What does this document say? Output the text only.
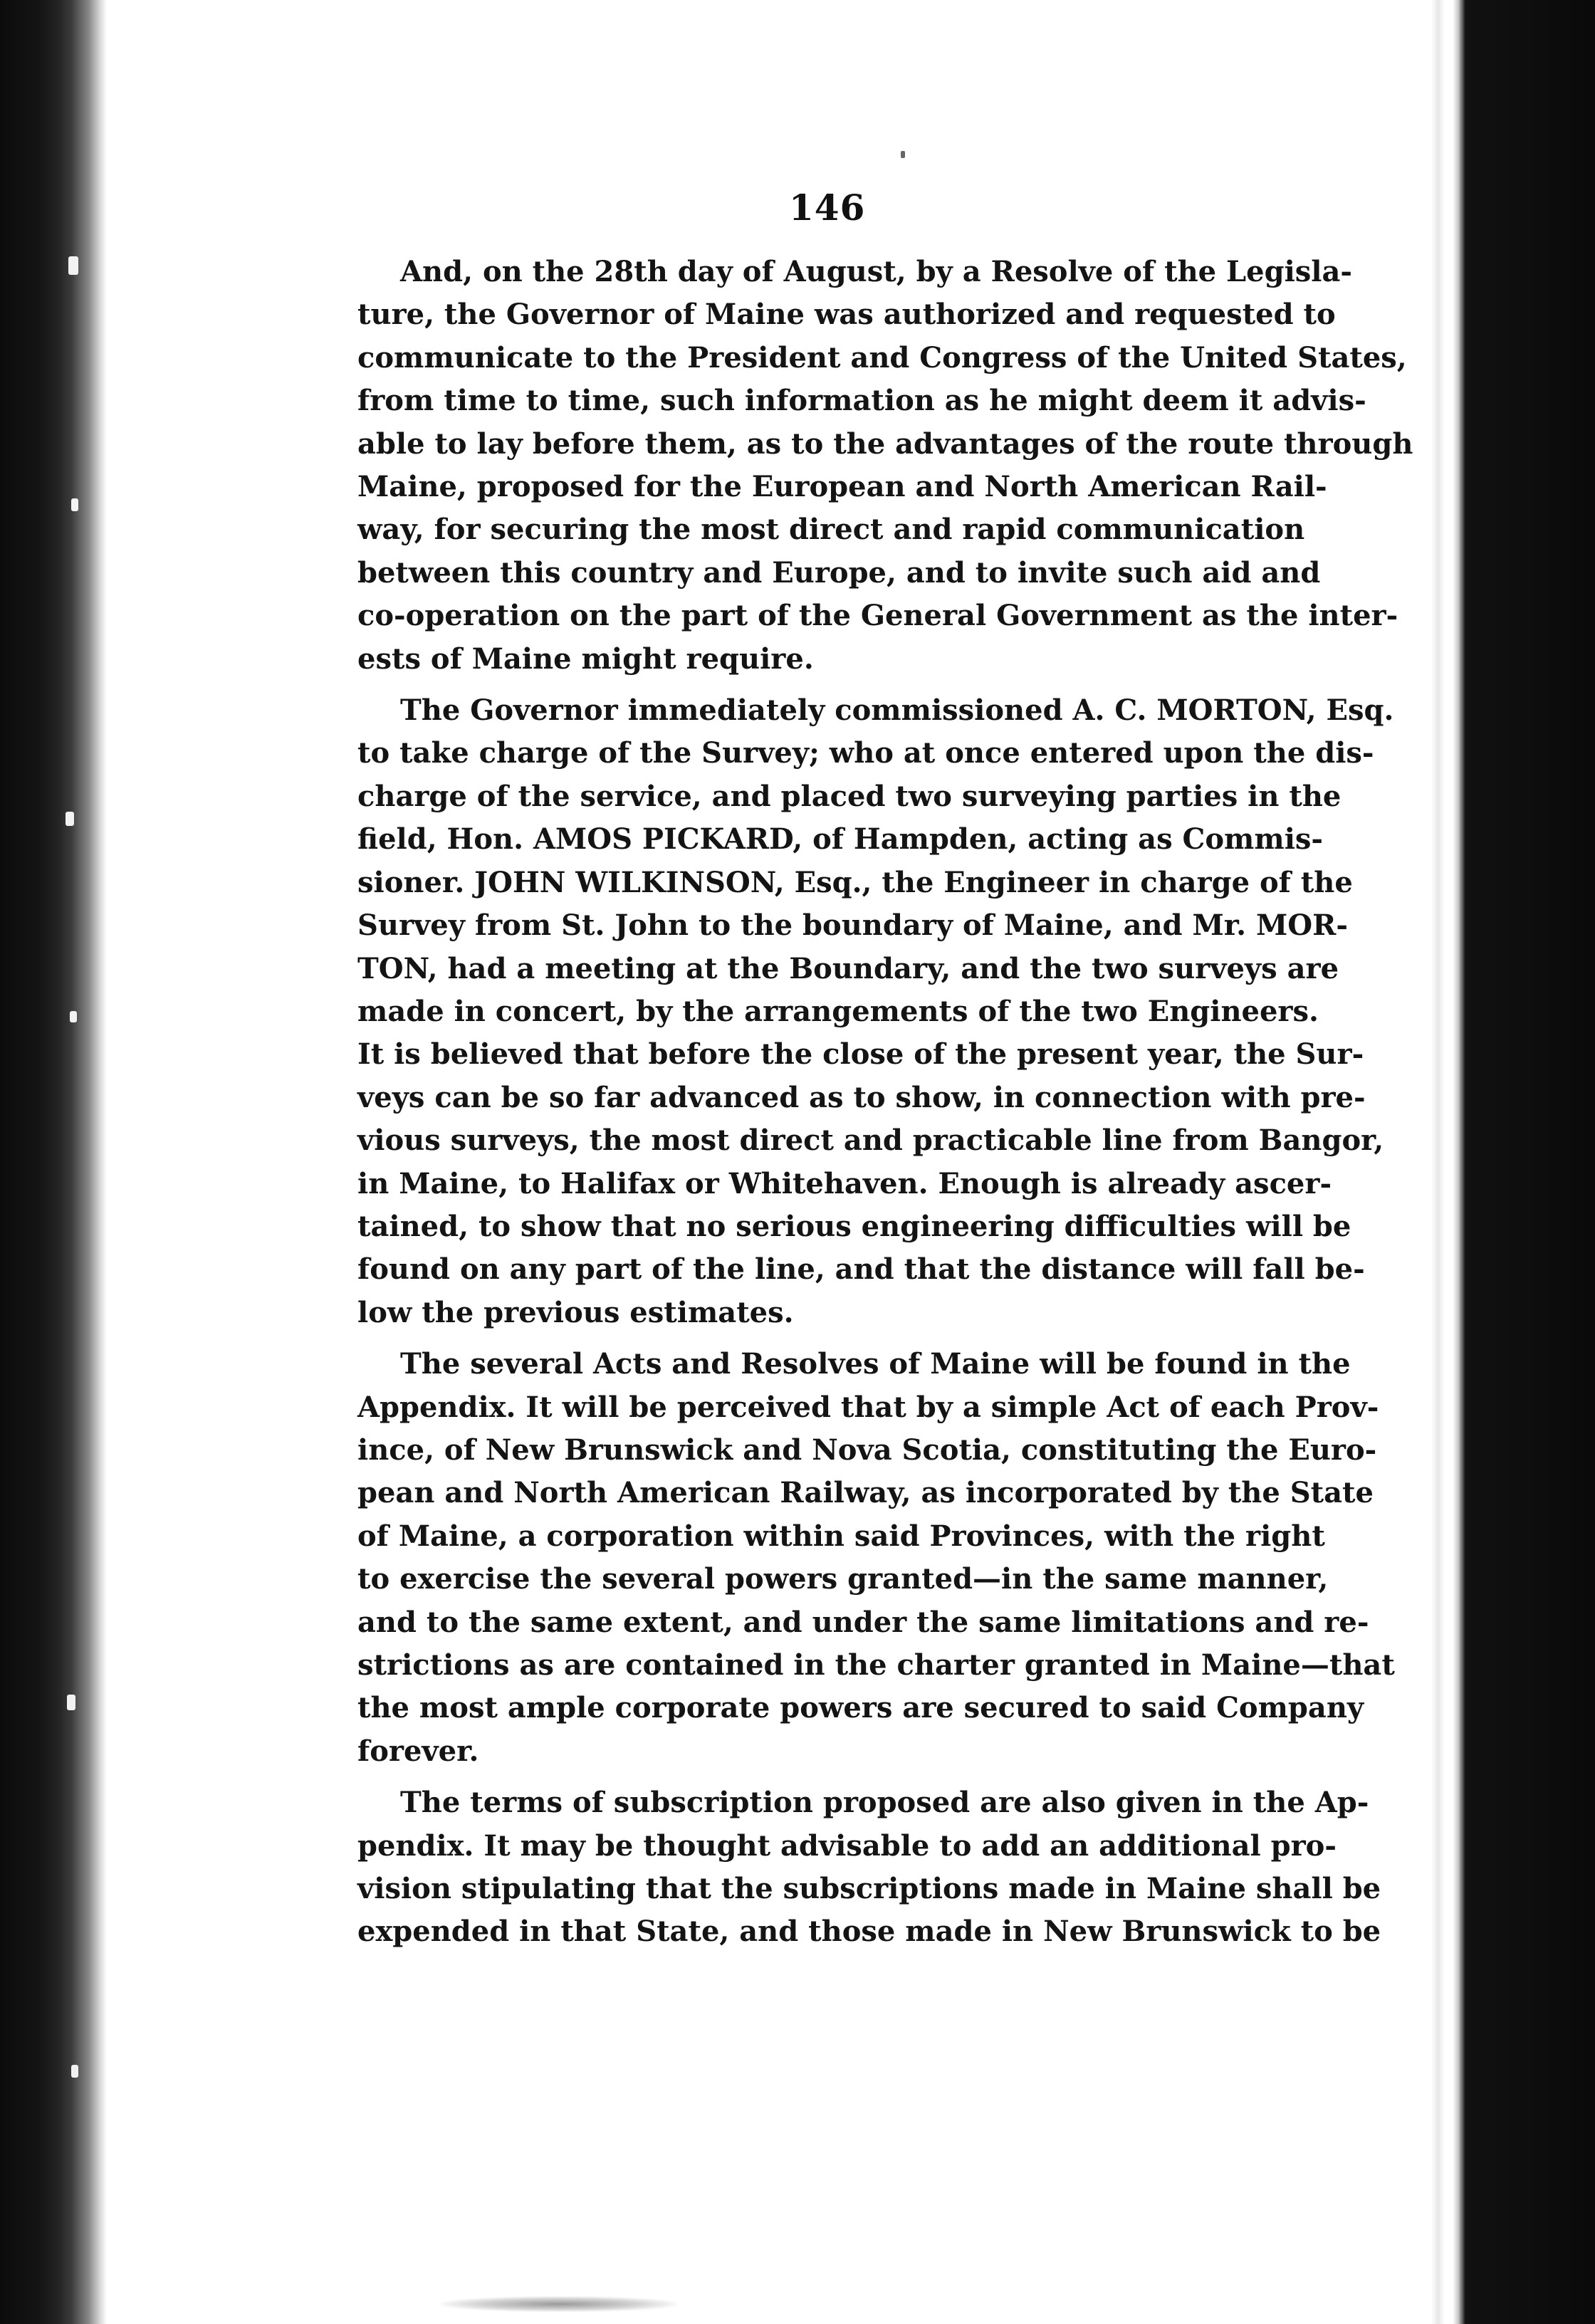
146
And, on the 28th day of August, by a Resolve of the Legisla-
ture, the Governor of Maine was authorized and requested to
communicate to the President and Congress of the United States,
from time to time, such information as he might deem it advis-
able to lay before them, as to the advantages of the route through
Maine, proposed for the European and North American Rail-
way, for securing the most direct and rapid communication
between this country and Europe, and to invite such aid and
co-operation on the part of the General Government as the inter-
ests of Maine might require.
The Governor immediately commissioned A. C. MORTON, Esq.
to take charge of the Survey; who at once entered upon the dis-
charge of the service, and placed two surveying parties in the
field, Hon. AMOS PICKARD, of Hampden, acting as Commis-
sioner. JOHN WILKINSON, Esq., the Engineer in charge of the
Survey from St. John to the boundary of Maine, and Mr. MOR-
TON, had a meeting at the Boundary, and the two surveys are
made in concert, by the arrangements of the two Engineers.
It is believed that before the close of the present year, the Sur-
veys can be so far advanced as to show, in connection with pre-
vious surveys, the most direct and practicable line from Bangor,
in Maine, to Halifax or Whitehaven. Enough is already ascer-
tained, to show that no serious engineering difficulties will be
found on any part of the line, and that the distance will fall be-
low the previous estimates.
The several Acts and Resolves of Maine will be found in the
Appendix. It will be perceived that by a simple Act of each Prov-
ince, of New Brunswick and Nova Scotia, constituting the Euro-
pean and North American Railway, as incorporated by the State
of Maine, a corporation within said Provinces, with the right
to exercise the several powers granted—in the same manner,
and to the same extent, and under the same limitations and re-
strictions as are contained in the charter granted in Maine—that
the most ample corporate powers are secured to said Company
forever.
The terms of subscription proposed are also given in the Ap-
pendix. It may be thought advisable to add an additional pro-
vision stipulating that the subscriptions made in Maine shall be
expended in that State, and those made in New Brunswick to be
